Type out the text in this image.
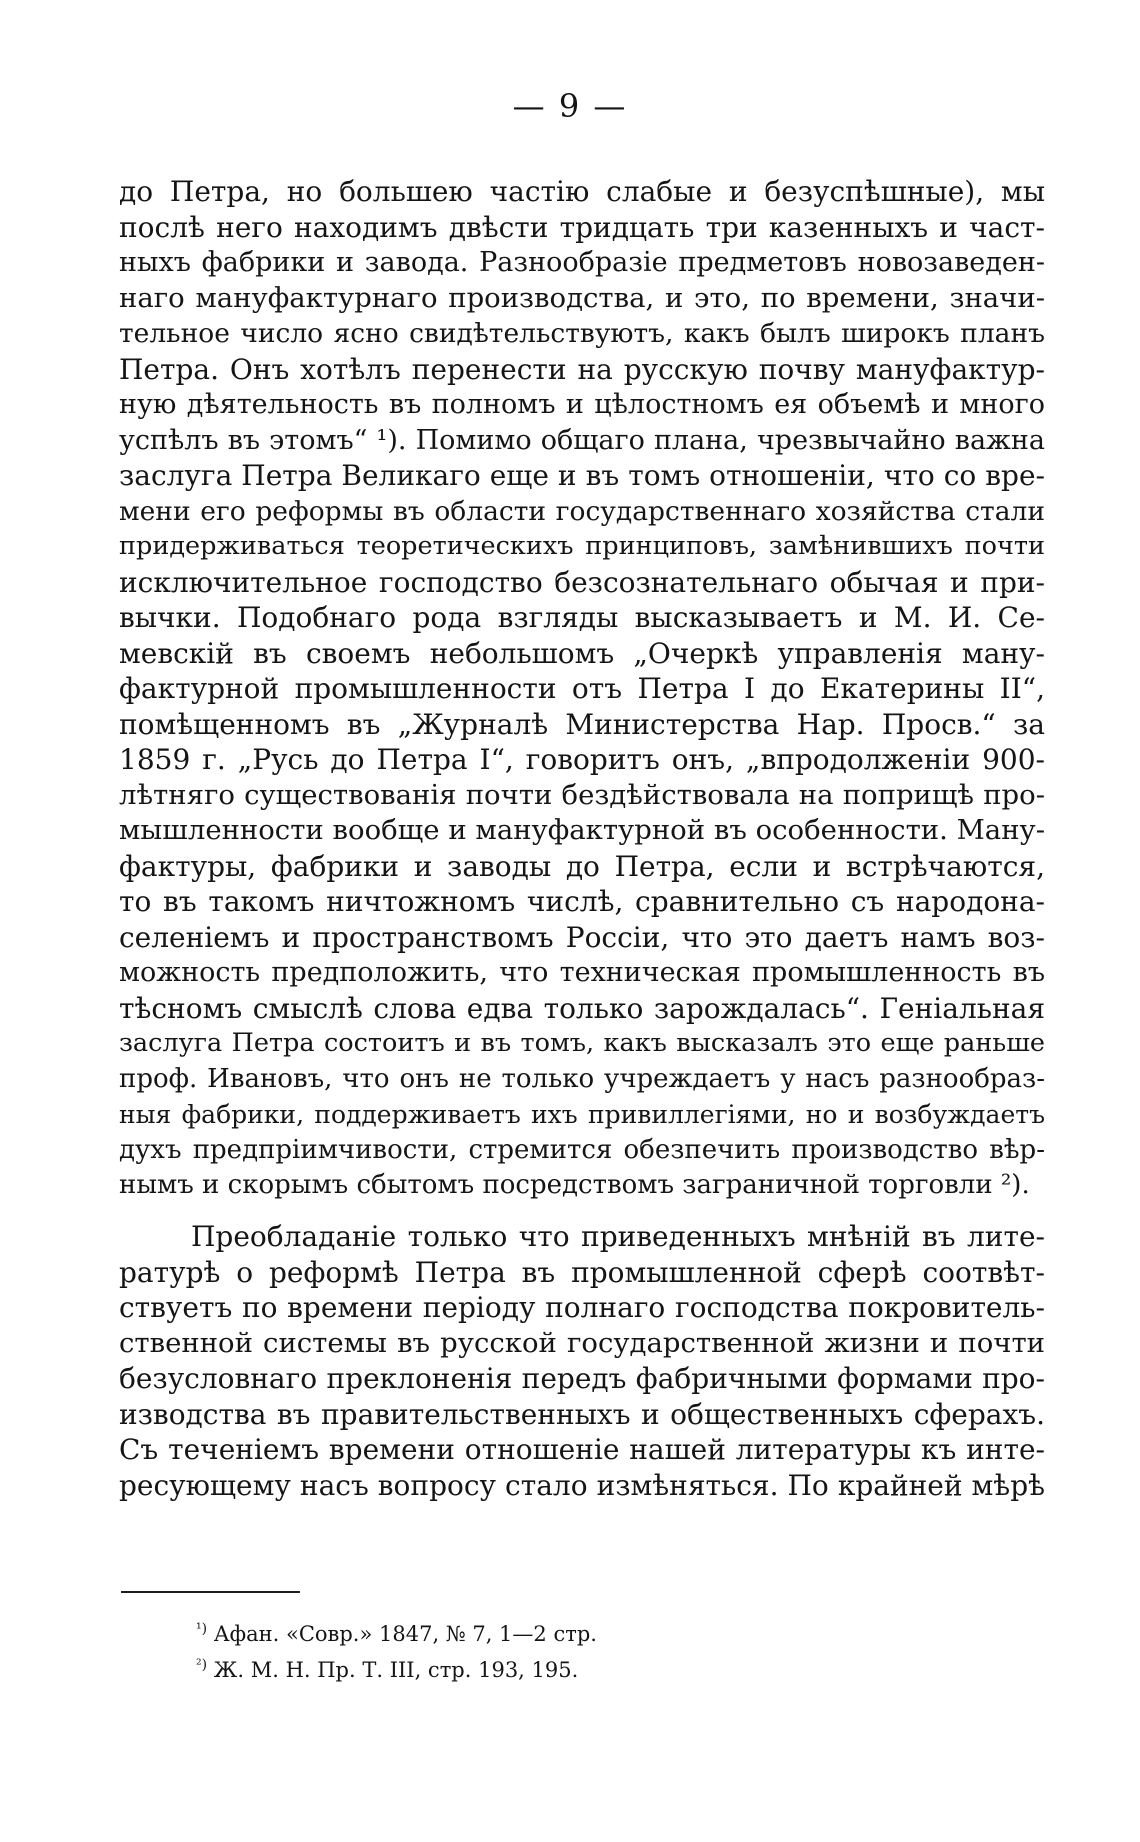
— 9 —
до Петра, но большею частію слабые и безуспѣшные), мы
послѣ него находимъ двѣсти тридцать три казенныхъ и част-
ныхъ фабрики и завода. Разнообразіе предметовъ новозаведен-
наго мануфактурнаго производства, и это, по времени, значи-
тельное число ясно свидѣтельствуютъ, какъ былъ широкъ планъ
Петра. Онъ хотѣлъ перенести на русскую почву мануфактур-
ную дѣятельность въ полномъ и цѣлостномъ ея объемѣ и много
успѣлъ въ этомъ“ ¹). Помимо общаго плана, чрезвычайно важна
заслуга Петра Великаго еще и въ томъ отношеніи, что со вре-
мени его реформы въ области государственнаго хозяйства стали
придерживаться теоретическихъ принциповъ, замѣнившихъ почти
исключительное господство безсознательнаго обычая и при-
вычки. Подобнаго рода взгляды высказываетъ и М. И. Се-
мевскій въ своемъ небольшомъ „Очеркѣ управленія ману-
фактурной промышленности отъ Петра I до Екатерины II“,
помѣщенномъ въ „Журналѣ Министерства Нар. Просв.“ за
1859 г. „Русь до Петра I“, говоритъ онъ, „впродолженіи 900-
лѣтняго существованія почти бездѣйствовала на поприщѣ про-
мышленности вообще и мануфактурной въ особенности. Ману-
фактуры, фабрики и заводы до Петра, если и встрѣчаются,
то въ такомъ ничтожномъ числѣ, сравнительно съ народона-
селеніемъ и пространствомъ Россіи, что это даетъ намъ воз-
можность предположить, что техническая промышленность въ
тѣсномъ смыслѣ слова едва только зарождалась“. Геніальная
заслуга Петра состоитъ и въ томъ, какъ высказалъ это еще раньше
проф. Ивановъ, что онъ не только учреждаетъ у насъ разнообраз-
ныя фабрики, поддерживаетъ ихъ привиллегіями, но и возбуждаетъ
духъ предпріимчивости, стремится обезпечить производство вѣр-
нымъ и скорымъ сбытомъ посредствомъ заграничной торговли ²).
Преобладаніе только что приведенныхъ мнѣній въ лите-
ратурѣ о реформѣ Петра въ промышленной сферѣ соотвѣт-
ствуетъ по времени періоду полнаго господства покровитель-
ственной системы въ русской государственной жизни и почти
безусловнаго преклоненія передъ фабричными формами про-
изводства въ правительственныхъ и общественныхъ сферахъ.
Съ теченіемъ времени отношеніе нашей литературы къ инте-
ресующему насъ вопросу стало измѣняться. По крайней мѣрѣ
$^{^1)}$ Афан. «Совр.» 1847, № 7, 1—2 стр.
$^{^2)}$ Ж. М. Н. Пр. Т. III, стр. 193, 195.
